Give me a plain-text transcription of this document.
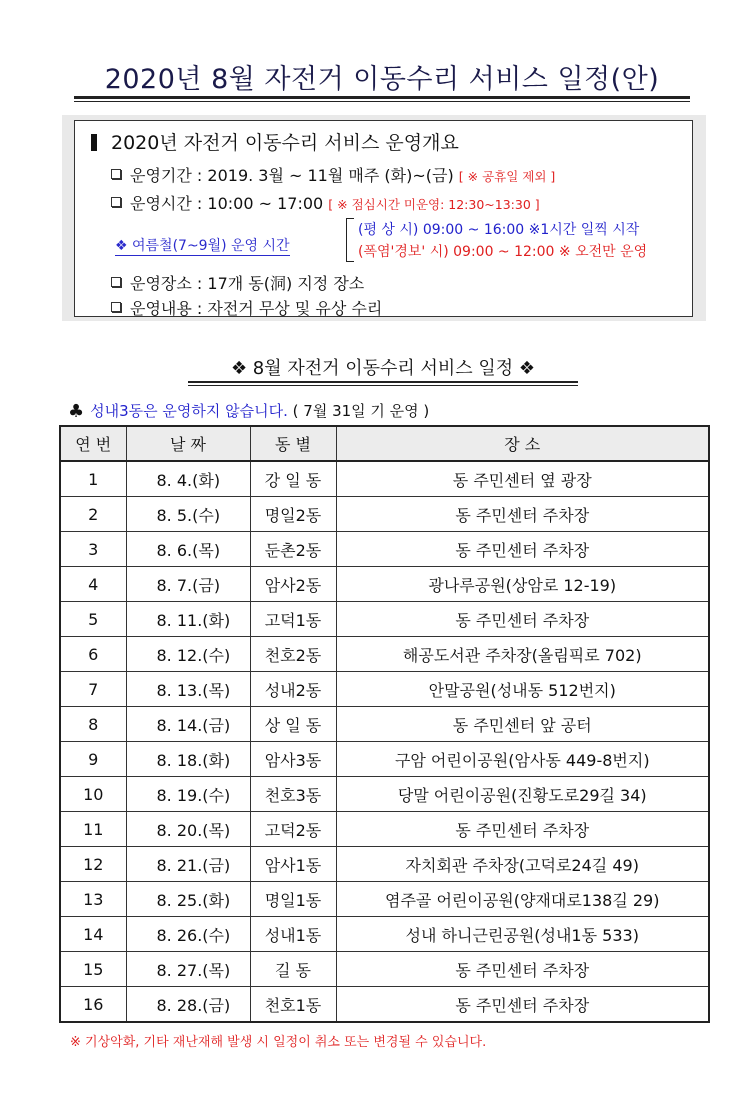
2020년 8월 자전거 이동수리 서비스 일정(안)
2020년 자전거 이동수리 서비스 운영개요
운영기간 : 2019. 3월 ~ 11월 매주 (화)~(금) [ ※ 공휴일 제외 ]
운영시간 : 10:00 ~ 17:00 [ ※ 점심시간 미운영: 12:30~13:30 ]
❖ 여름철(7~9월) 운영 시간
(평 상 시) 09:00 ~ 16:00 ※1시간 일찍 시작
(폭염'경보' 시) 09:00 ~ 12:00 ※ 오전만 운영
운영장소 : 17개 동(洞) 지정 장소
운영내용 : 자전거 무상 및 유상 수리
❖ 8월 자전거 이동수리 서비스 일정 ❖
♣ 성내3동은 운영하지 않습니다. ( 7월 31일 기 운영 )
연 번	날 짜	동 별	장 소
1	8. 4.(화)	강 일 동	동 주민센터 옆 광장
2	8. 5.(수)	명일2동	동 주민센터 주차장
3	8. 6.(목)	둔촌2동	동 주민센터 주차장
4	8. 7.(금)	암사2동	광나루공원(상암로 12-19)
5	8. 11.(화)	고덕1동	동 주민센터 주차장
6	8. 12.(수)	천호2동	해공도서관 주차장(올림픽로 702)
7	8. 13.(목)	성내2동	안말공원(성내동 512번지)
8	8. 14.(금)	상 일 동	동 주민센터 앞 공터
9	8. 18.(화)	암사3동	구암 어린이공원(암사동 449-8번지)
10	8. 19.(수)	천호3동	당말 어린이공원(진황도로29길 34)
11	8. 20.(목)	고덕2동	동 주민센터 주차장
12	8. 21.(금)	암사1동	자치회관 주차장(고덕로24길 49)
13	8. 25.(화)	명일1동	염주골 어린이공원(양재대로138길 29)
14	8. 26.(수)	성내1동	성내 하니근린공원(성내1동 533)
15	8. 27.(목)	길 동	동 주민센터 주차장
16	8. 28.(금)	천호1동	동 주민센터 주차장
※ 기상악화, 기타 재난재해 발생 시 일정이 취소 또는 변경될 수 있습니다.
